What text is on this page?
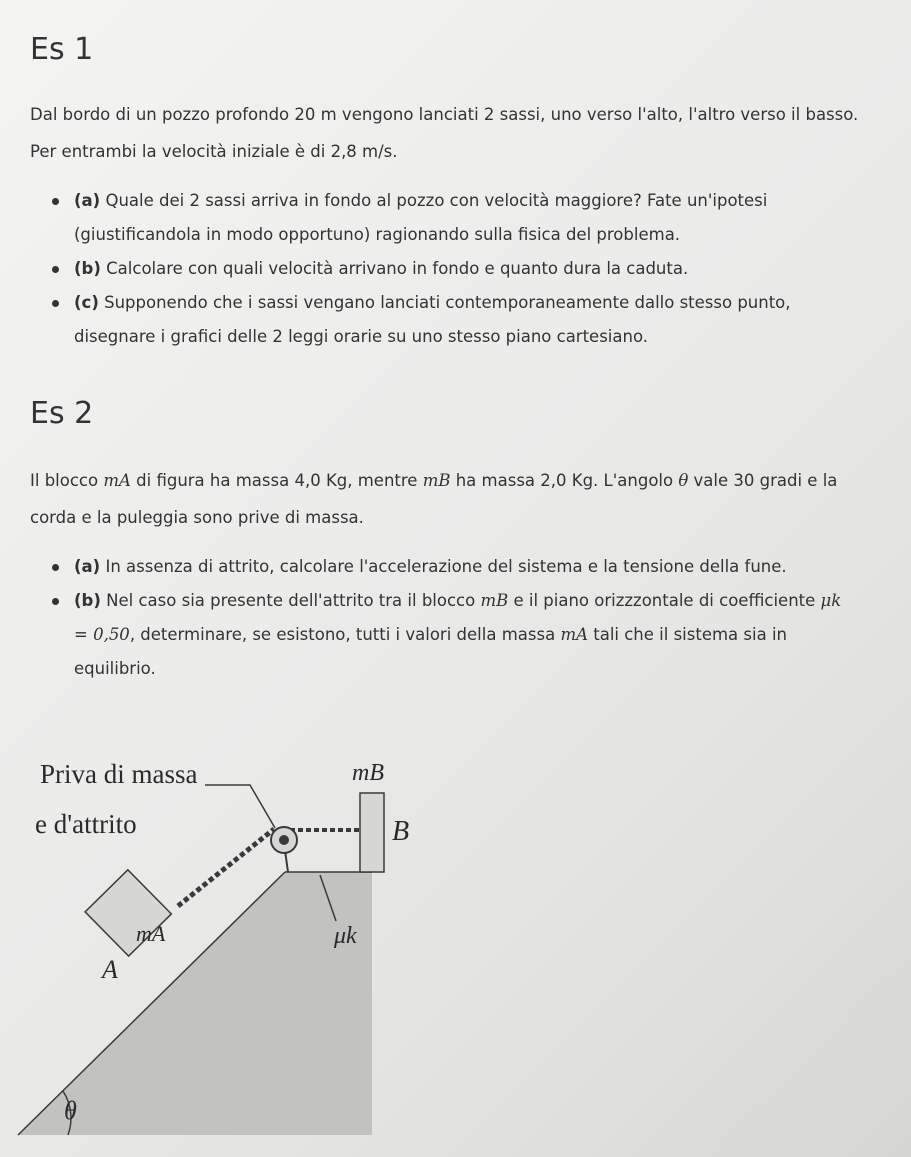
Es 1

Dal bordo di un pozzo profondo 20 m vengono lanciati 2 sassi, uno verso l'alto, l'altro verso il basso. Per entrambi la velocità iniziale è di 2,8 m/s.

(a) Quale dei 2 sassi arriva in fondo al pozzo con velocità maggiore? Fate un'ipotesi (giustificandola in modo opportuno) ragionando sulla fisica del problema.
(b) Calcolare con quali velocità arrivano in fondo e quanto dura la caduta.
(c) Supponendo che i sassi vengano lanciati contemporaneamente dallo stesso punto, disegnare i grafici delle 2 leggi orarie su uno stesso piano cartesiano.
Es 2

Il blocco mA di figura ha massa 4,0 Kg, mentre mB ha massa 2,0 Kg. L'angolo θ vale 30 gradi e la corda e la puleggia sono prive di massa.

(a) In assenza di attrito, calcolare l'accelerazione del sistema e la tensione della fune.
(b) Nel caso sia presente dell'attrito tra il blocco mB e il piano orizzzontale di coefficiente μk = 0,50, determinare, se esistono, tutti i valori della massa mA tali che il sistema sia in equilibrio.
Priva di massa
e d'attrito
mB
B
mA
A
μk
θ
